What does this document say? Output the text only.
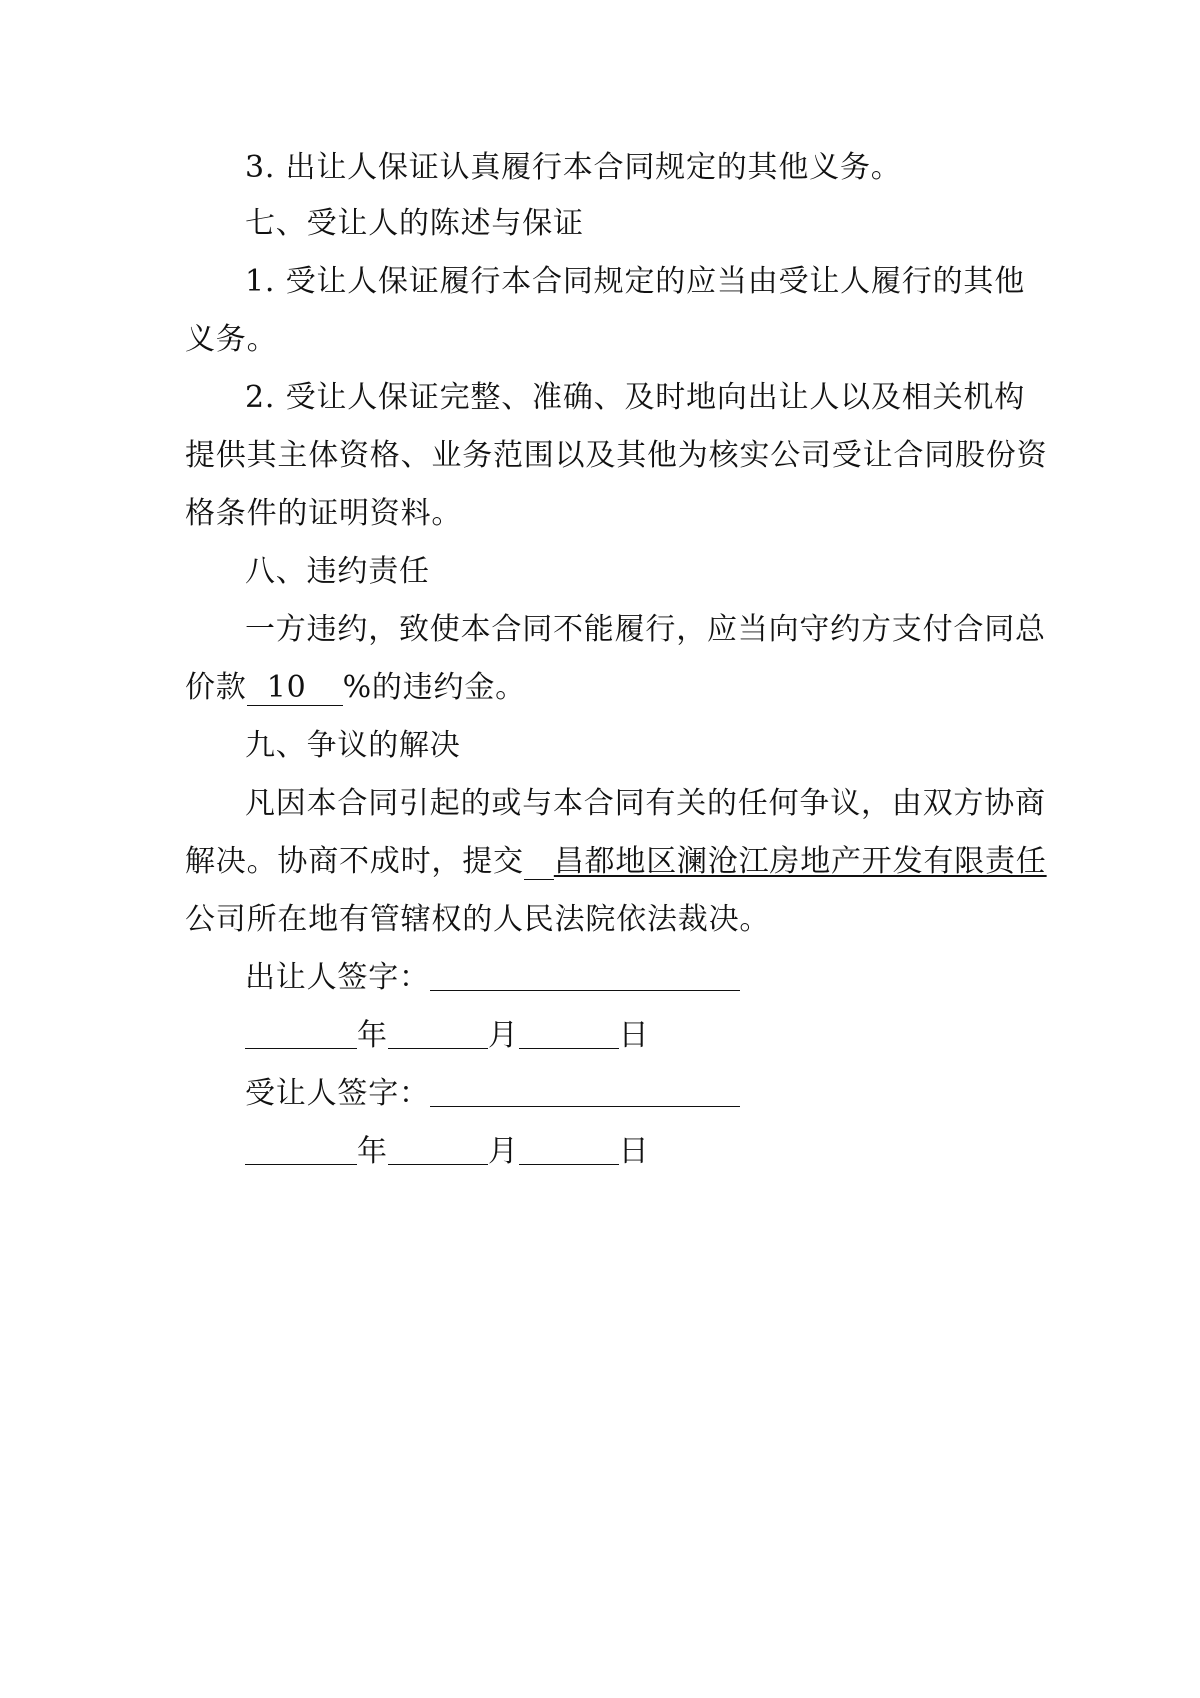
3. 出让人保证认真履行本合同规定的其他义务。
七、受让人的陈述与保证
1. 受让人保证履行本合同规定的应当由受让人履行的其他
义务。
2. 受让人保证完整、准确、及时地向出让人以及相关机构
提供其主体资格、业务范围以及其他为核实公司受让合同股份资
格条件的证明资料。
八、违约责任
一方违约，致使本合同不能履行，应当向守约方支付合同总
价款 10 %的违约金。
九、争议的解决
凡因本合同引起的或与本合同有关的任何争议，由双方协商
解决。协商不成时，提交 昌都地区澜沧江房地产开发有限责任
公司所在地有管辖权的人民法院依法裁决。
出让人签字：
年	月	日
受让人签字：
年	月	日
